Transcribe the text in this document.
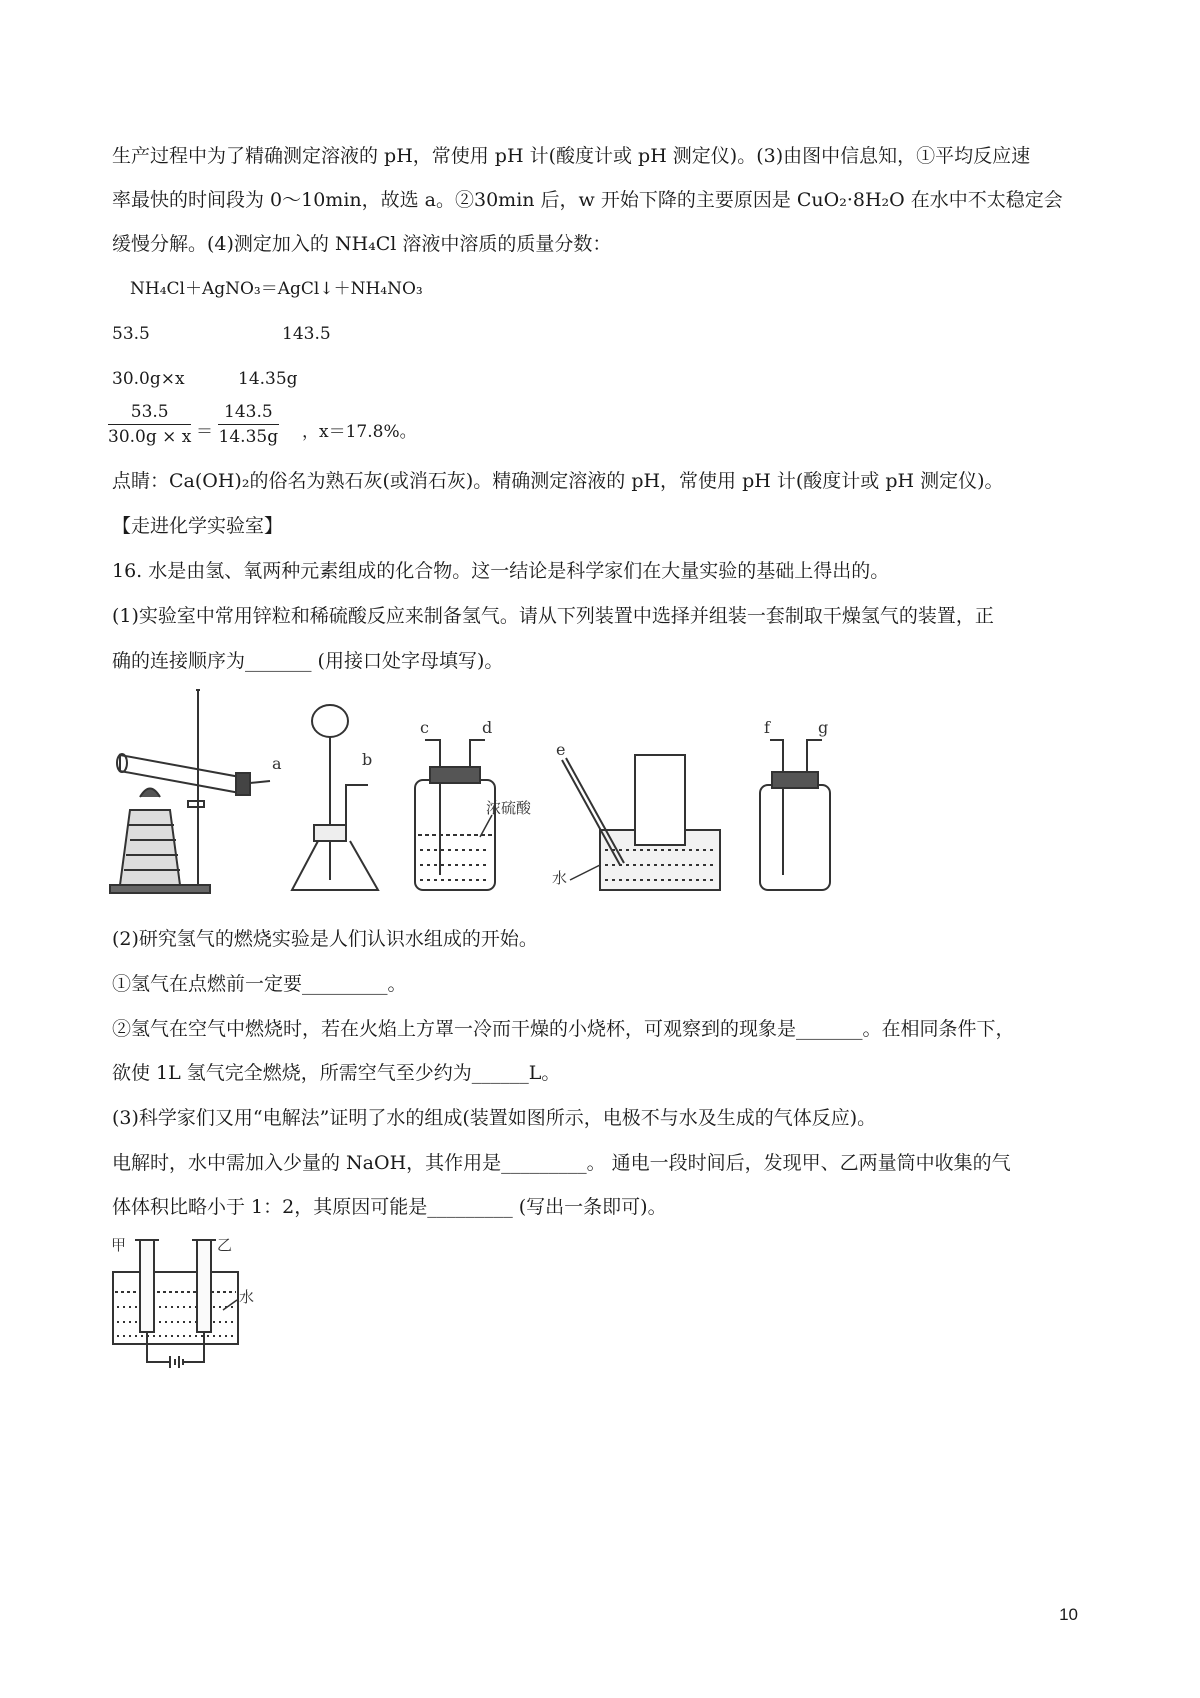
生产过程中为了精确测定溶液的 pH，常使用 pH 计(酸度计或 pH 测定仪)。(3)由图中信息知，①平均反应速
率最快的时间段为 0～10min，故选 a。②30min 后，w 开始下降的主要原因是 CuO₂·8H₂O 在水中不太稳定会
缓慢分解。(4)测定加入的 NH₄Cl 溶液中溶质的质量分数：
NH₄Cl＋AgNO₃＝AgCl↓＋NH₄NO₃
53.5	143.5
30.0g×x	14.35g
$\frac{53.5}{30.0g \times x} = \frac{143.5}{14.35g}$ ，x＝17.8%。
点睛：Ca(OH)₂的俗名为熟石灰(或消石灰)。精确测定溶液的 pH，常使用 pH 计(酸度计或 pH 测定仪)。
【走进化学实验室】
16. 水是由氢、氧两种元素组成的化合物。这一结论是科学家们在大量实验的基础上得出的。
(1)实验室中常用锌粒和稀硫酸反应来制备氢气。请从下列装置中选择并组装一套制取干燥氢气的装置，正
确的连接顺序为_______ (用接口处字母填写)。
a	b
c	d
e
f	g
浓硫酸
水
(2)研究氢气的燃烧实验是人们认识水组成的开始。
①氢气在点燃前一定要_________。
②氢气在空气中燃烧时，若在火焰上方罩一冷而干燥的小烧杯，可观察到的现象是_______。在相同条件下，
欲使 1L 氢气完全燃烧，所需空气至少约为______L。
(3)科学家们又用“电解法”证明了水的组成(装置如图所示，电极不与水及生成的气体反应)。
电解时，水中需加入少量的 NaOH，其作用是_________。 通电一段时间后，发现甲、乙两量筒中收集的气
体体积比略小于 1：2，其原因可能是_________ (写出一条即可)。
甲	乙
水
10
